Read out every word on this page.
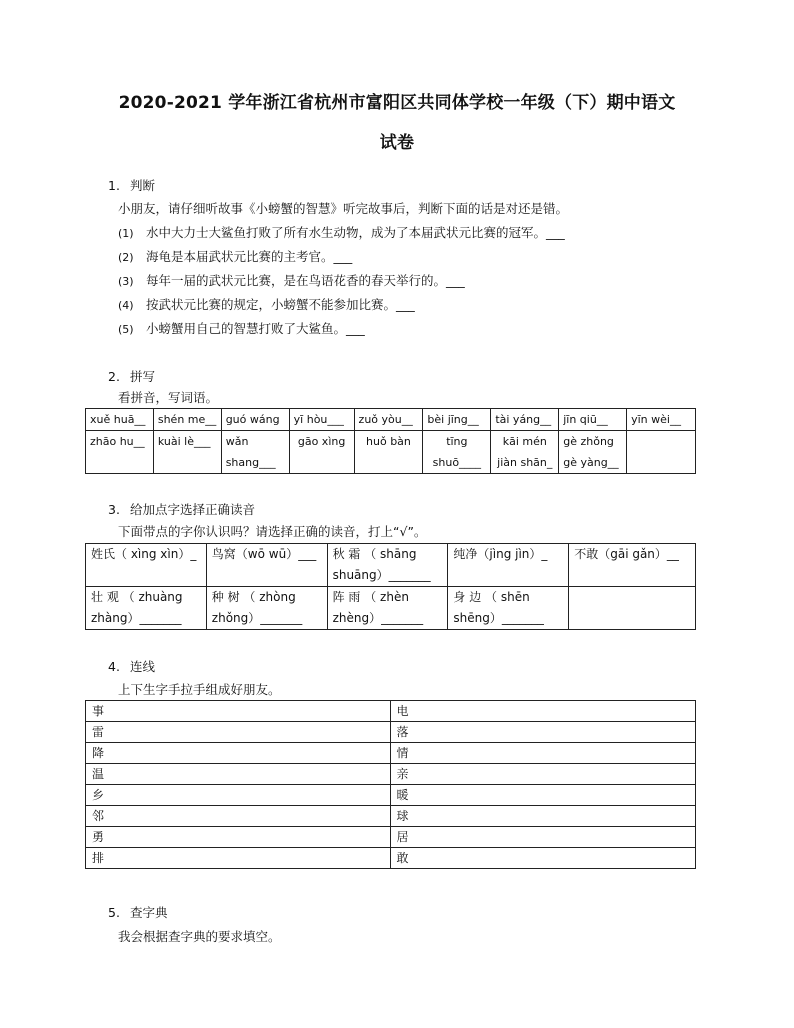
2020-2021 学年浙江省杭州市富阳区共同体学校一年级（下）期中语文
试卷
1. 判断
小朋友，请仔细听故事《小螃蟹的智慧》听完故事后，判断下面的话是对还是错。
(1) 水中大力士大鲨鱼打败了所有水生动物，成为了本届武状元比赛的冠军。___
(2) 海龟是本届武状元比赛的主考官。___
(3) 每年一届的武状元比赛，是在鸟语花香的春天举行的。___
(4) 按武状元比赛的规定，小螃蟹不能参加比赛。___
(5) 小螃蟹用自己的智慧打败了大鲨鱼。___
2. 拼写
看拼音，写词语。
xuě huā__	shén me__	guó wáng	yī hòu___	zuǒ yòu__	bèi jīng__	tài yáng__	jīn qiū__	yīn wèi__
zhāo hu__	kuài lè___	wǎn shang___	gāo xìng	huǒ bàn	tīng shuō____	kāi mén jiàn shān_	gè zhǒng gè yàng__	
3. 给加点字选择正确读音
下面带点的字你认识吗？请选择正确的读音，打上“√”。
姓氏（ xìng xìn）_	鸟窝（wō wū）___	秋 霜 （ shāng shuāng）_______	纯净（jìng jìn）_	不敢（gāi gǎn）__
壮 观 （ zhuàng zhàng）_______	种 树 （ zhòng zhǒng）_______	阵 雨 （ zhèn zhèng）_______	身 边 （ shēn shēng）_______	
4. 连线
上下生字手拉手组成好朋友。
事	电
雷	落
降	情
温	亲
乡	暖
邻	球
勇	居
排	敢
5. 查字典
我会根据查字典的要求填空。
